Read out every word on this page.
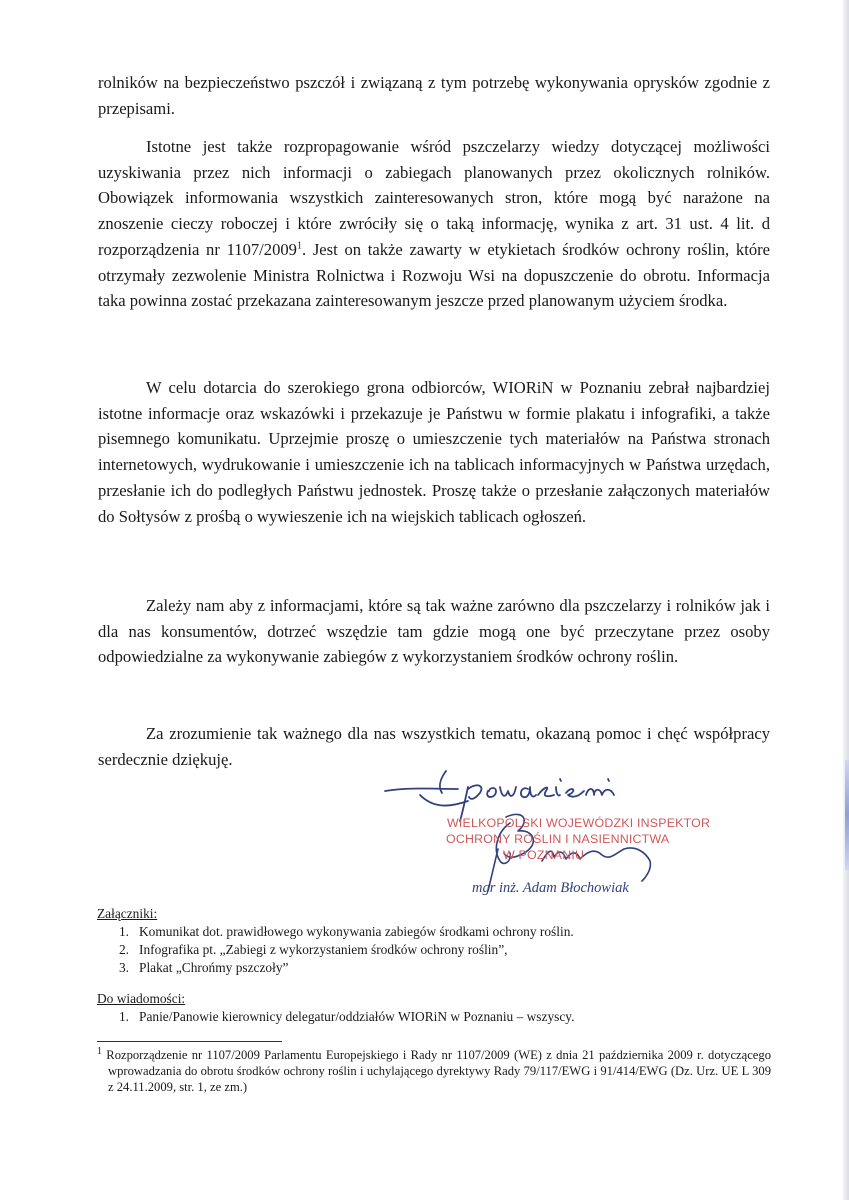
rolników na bezpieczeństwo pszczół i związaną z tym potrzebę wykonywania oprysków zgodnie z przepisami.

Istotne jest także rozpropagowanie wśród pszczelarzy wiedzy dotyczącej możliwości uzyskiwania przez nich informacji o zabiegach planowanych przez okolicznych rolników. Obowiązek informowania wszystkich zainteresowanych stron, które mogą być narażone na znoszenie cieczy roboczej i które zwróciły się o taką informację, wynika z art. 31 ust. 4 lit. d rozporządzenia nr 1107/2009$^1$. Jest on także zawarty w etykietach środków ochrony roślin, które otrzymały zezwolenie Ministra Rolnictwa i Rozwoju Wsi na dopuszczenie do obrotu. Informacja taka powinna zostać przekazana zainteresowanym jeszcze przed planowanym użyciem środka.

W celu dotarcia do szerokiego grona odbiorców, WIORiN w Poznaniu zebrał najbardziej istotne informacje oraz wskazówki i przekazuje je Państwu w formie plakatu i infografiki, a także pisemnego komunikatu. Uprzejmie proszę o umieszczenie tych materiałów na Państwa stronach internetowych, wydrukowanie i umieszczenie ich na tablicach informacyjnych w Państwa urzędach, przesłanie ich do podległych Państwu jednostek. Proszę także o przesłanie załączonych materiałów do Sołtysów z prośbą o wywieszenie ich na wiejskich tablicach ogłoszeń.

Zależy nam aby z informacjami, które są tak ważne zarówno dla pszczelarzy i rolników jak i dla nas konsumentów, dotrzeć wszędzie tam gdzie mogą one być przeczytane przez osoby odpowiedzialne za wykonywanie zabiegów z wykorzystaniem środków ochrony roślin.

Za zrozumienie tak ważnego dla nas wszystkich tematu, okazaną pomoc i chęć współpracy serdecznie dziękuję.

WIELKOPOLSKI WOJEWÓDZKI INSPEKTOR
OCHRONY ROŚLIN I NASIENNICTWA
W POZNANIU
mgr inż. Adam Błochowiak

Załączniki:

1. Komunikat dot. prawidłowego wykonywania zabiegów środkami ochrony roślin.
2. Infografika pt. „Zabiegi z wykorzystaniem środków ochrony roślin”,
3. Plakat „Chrońmy pszczoły”

Do wiadomości:

1. Panie/Panowie kierownicy delegatur/oddziałów WIORiN w Poznaniu – wszyscy.

$^1$ Rozporządzenie nr 1107/2009 Parlamentu Europejskiego i Rady nr 1107/2009 (WE) z dnia 21 października 2009 r. dotyczącego wprowadzania do obrotu środków ochrony roślin i uchylającego dyrektywy Rady 79/117/EWG i 91/414/EWG (Dz. Urz. UE L 309 z 24.11.2009, str. 1, ze zm.)
